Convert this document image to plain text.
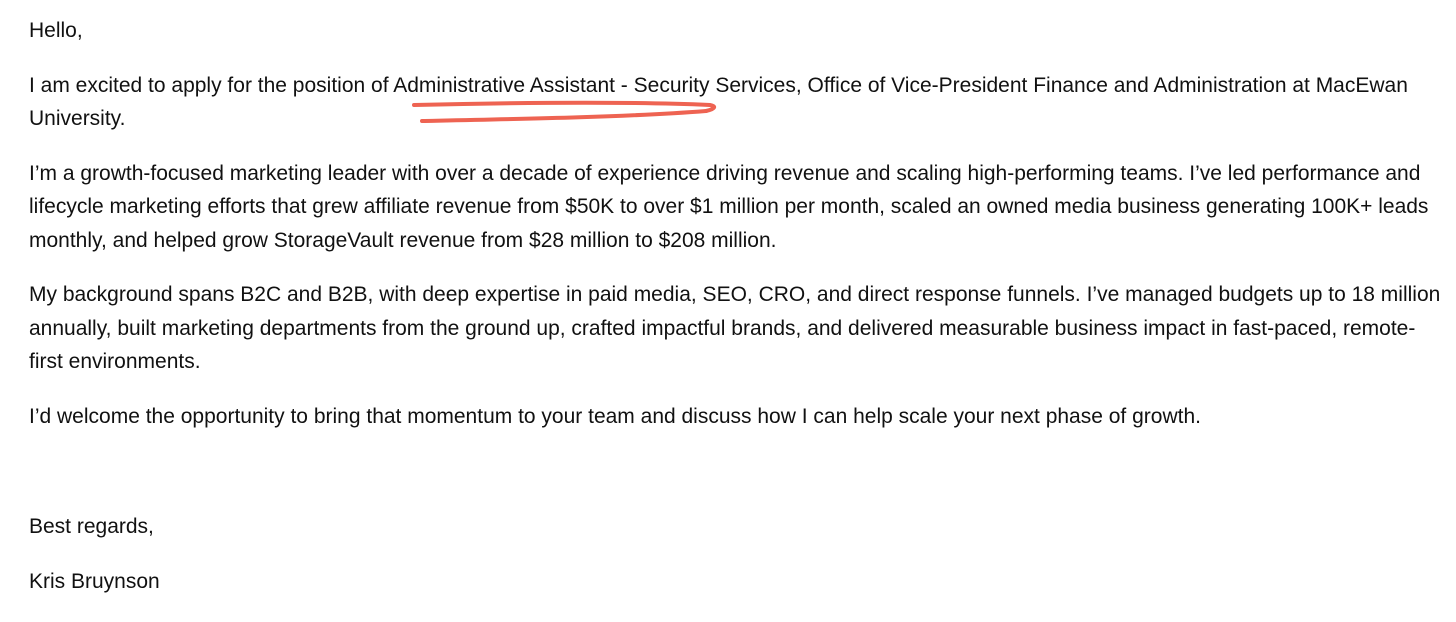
Hello,

I am excited to apply for the position of Administrative Assistant - Security Services, Office of Vice-President Finance and Administration at MacEwan University.

I’m a growth-focused marketing leader with over a decade of experience driving revenue and scaling high-performing teams. I’ve led performance and lifecycle marketing efforts that grew affiliate revenue from $50K to over $1 million per month, scaled an owned media business generating 100K+ leads monthly, and helped grow StorageVault revenue from $28 million to $208 million.

My background spans B2C and B2B, with deep expertise in paid media, SEO, CRO, and direct response funnels. I’ve managed budgets up to 18 million annually, built marketing departments from the ground up, crafted impactful brands, and delivered measurable business impact in fast-paced, remote-first environments.

I’d welcome the opportunity to bring that momentum to your team and discuss how I can help scale your next phase of growth.

Best regards,

Kris Bruynson
